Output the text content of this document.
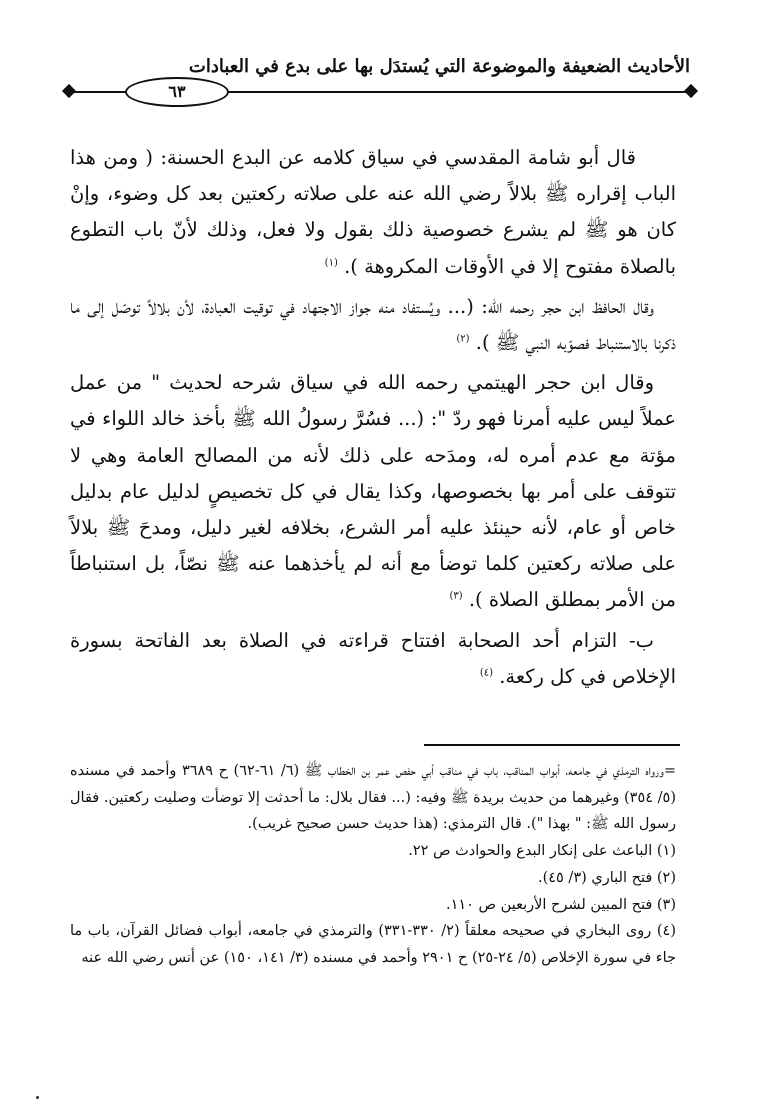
الأحاديث الضعيفة والموضوعة التي يُستدَل بها على بدع في العبادات
٦٣

قال أبو شامة المقدسي في سياق كلامه عن البدع الحسنة: ( ومن هذا الباب إقراره ﷺ بلالاً رضي الله عنه على صلاته ركعتين بعد كل وضوء، وإنْ كان هو ﷺ لم يشرع خصوصية ذلك بقول ولا فعل، وذلك لأنّ باب التطوع بالصلاة مفتوح إلا في الأوقات المكروهة ). $^{(١)}$

وقال الحافظ ابن حجر رحمه الله: (... ويُستفاد منه جواز الاجتهاد في توقيت العبادة، لأن بلالاً توصّل إلى ما ذكرنا بالاستنباط فصوّبه النبي ﷺ ). $^{(٢)}$

وقال ابن حجر الهيتمي رحمه الله في سياق شرحه لحديث " من عمل عملاً ليس عليه أمرنا فهو ردّ ": (... فسُرَّ رسولُ الله ﷺ بأخذ خالد اللواء في مؤتة مع عدم أمره له، ومدَحه على ذلك لأنه من المصالح العامة وهي لا تتوقف على أمر بها بخصوصها، وكذا يقال في كل تخصيصٍ لدليل عام بدليل خاص أو عام، لأنه حينئذ عليه أمر الشرع، بخلافه لغير دليل، ومدحَ ﷺ بلالاً على صلاته ركعتين كلما توضأ مع أنه لم يأخذهما عنه ﷺ نصّاً، بل استنباطاً من الأمر بمطلق الصلاة ). $^{(٣)}$

ب- التزام أحد الصحابة افتتاح قراءته في الصلاة بعد الفاتحة بسورة الإخلاص في كل ركعة. $^{(٤)}$

=ورواه الترمذي في جامعه، أبواب المناقب، باب في مناقب أبي حفص عمر بن الخطاب ﷺ (٦/ ٦١-٦٢) ح ٣٦٨٩ وأحمد في مسنده (٥/ ٣٥٤) وغيرهما من حديث بريدة ﷺ وفيه: (... فقال بلال: ما أحدثت إلا توضأت وصليت ركعتين. فقال رسول الله ﷺ: " بهذا "). قال الترمذي: (هذا حديث حسن صحيح غريب).

(١) الباعث على إنكار البدع والحوادث ص ٢٢.

(٢) فتح الباري (٣/ ٤٥).

(٣) فتح المبين لشرح الأربعين ص ١١٠.

(٤) روى البخاري في صحيحه معلقاً (٢/ ٣٣٠-٣٣١) والترمذي في جامعه، أبواب فضائل القرآن، باب ما جاء في سورة الإخلاص (٥/ ٢٤-٢٥) ح ٢٩٠١ وأحمد في مسنده (٣/ ١٤١، ١٥٠) عن أنس رضي الله عنه
